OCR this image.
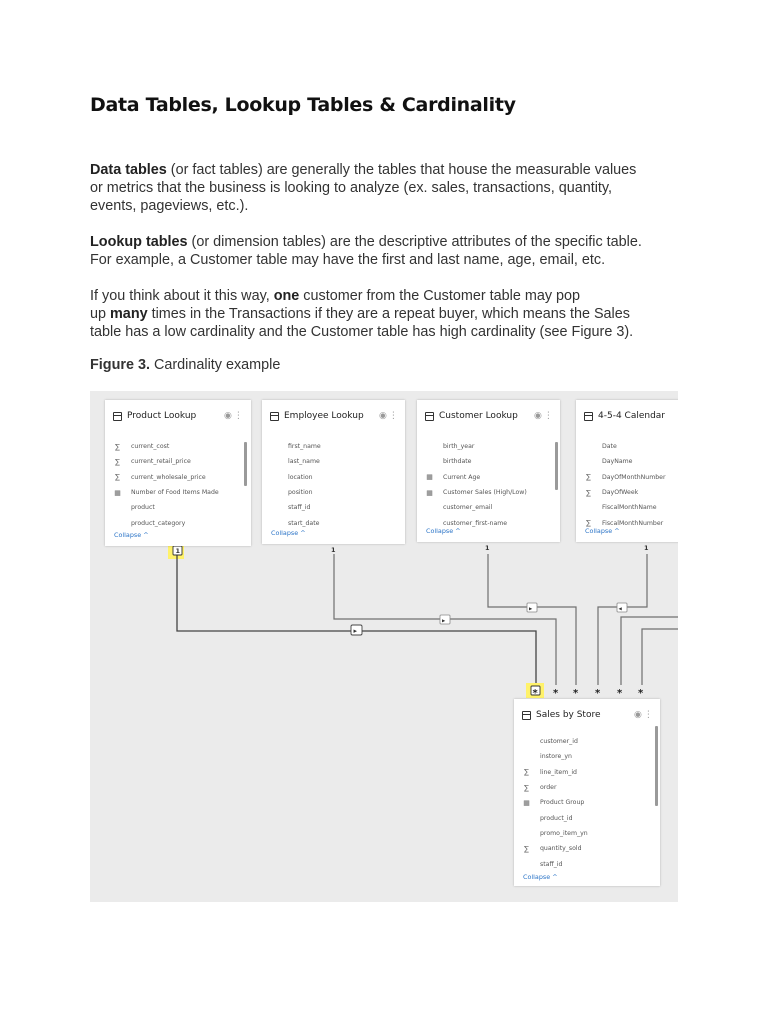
Data Tables, Lookup Tables & Cardinality
Data tables (or fact tables) are generally the tables that house the measurable values
or metrics that the business is looking to analyze (ex. sales, transactions, quantity,
events, pageviews, etc.).
Lookup tables (or dimension tables) are the descriptive attributes of the specific table.
For example, a Customer table may have the first and last name, age, email, etc.
If you think about it this way, one customer from the Customer table may pop
up many times in the Transactions if they are a repeat buyer, which means the Sales
table has a low cardinality and the Customer table has high cardinality (see Figure 3).
Figure 3. Cardinality example
1
▸
1
▸
1
▸
1
◂
* * * * * *
Product Lookup	◉⋮
∑	current_cost
∑	current_retail_price
∑	current_wholesale_price
▦	Number of Food Items Made
product
product_category
Collapse ^
Employee Lookup ◉⋮
first_name
last_name
location
position
staff_id
start_date
Collapse ^
Customer Lookup ◉⋮
birth_year
birthdate
▦	Current Age
▦	Customer Sales (High/Low)
customer_email
customer_first-name
Collapse ^
4-5-4 Calendar
Date
DayName
∑	DayOfMonthNumber
∑	DayOfWeek
FiscalMonthName
∑	FiscalMonthNumber
Collapse ^
Sales by Store	◉⋮
customer_id
instore_yn
∑	line_item_id
∑	order
▦	Product Group
product_id
promo_item_yn
∑	quantity_sold
staff_id
Collapse ^
